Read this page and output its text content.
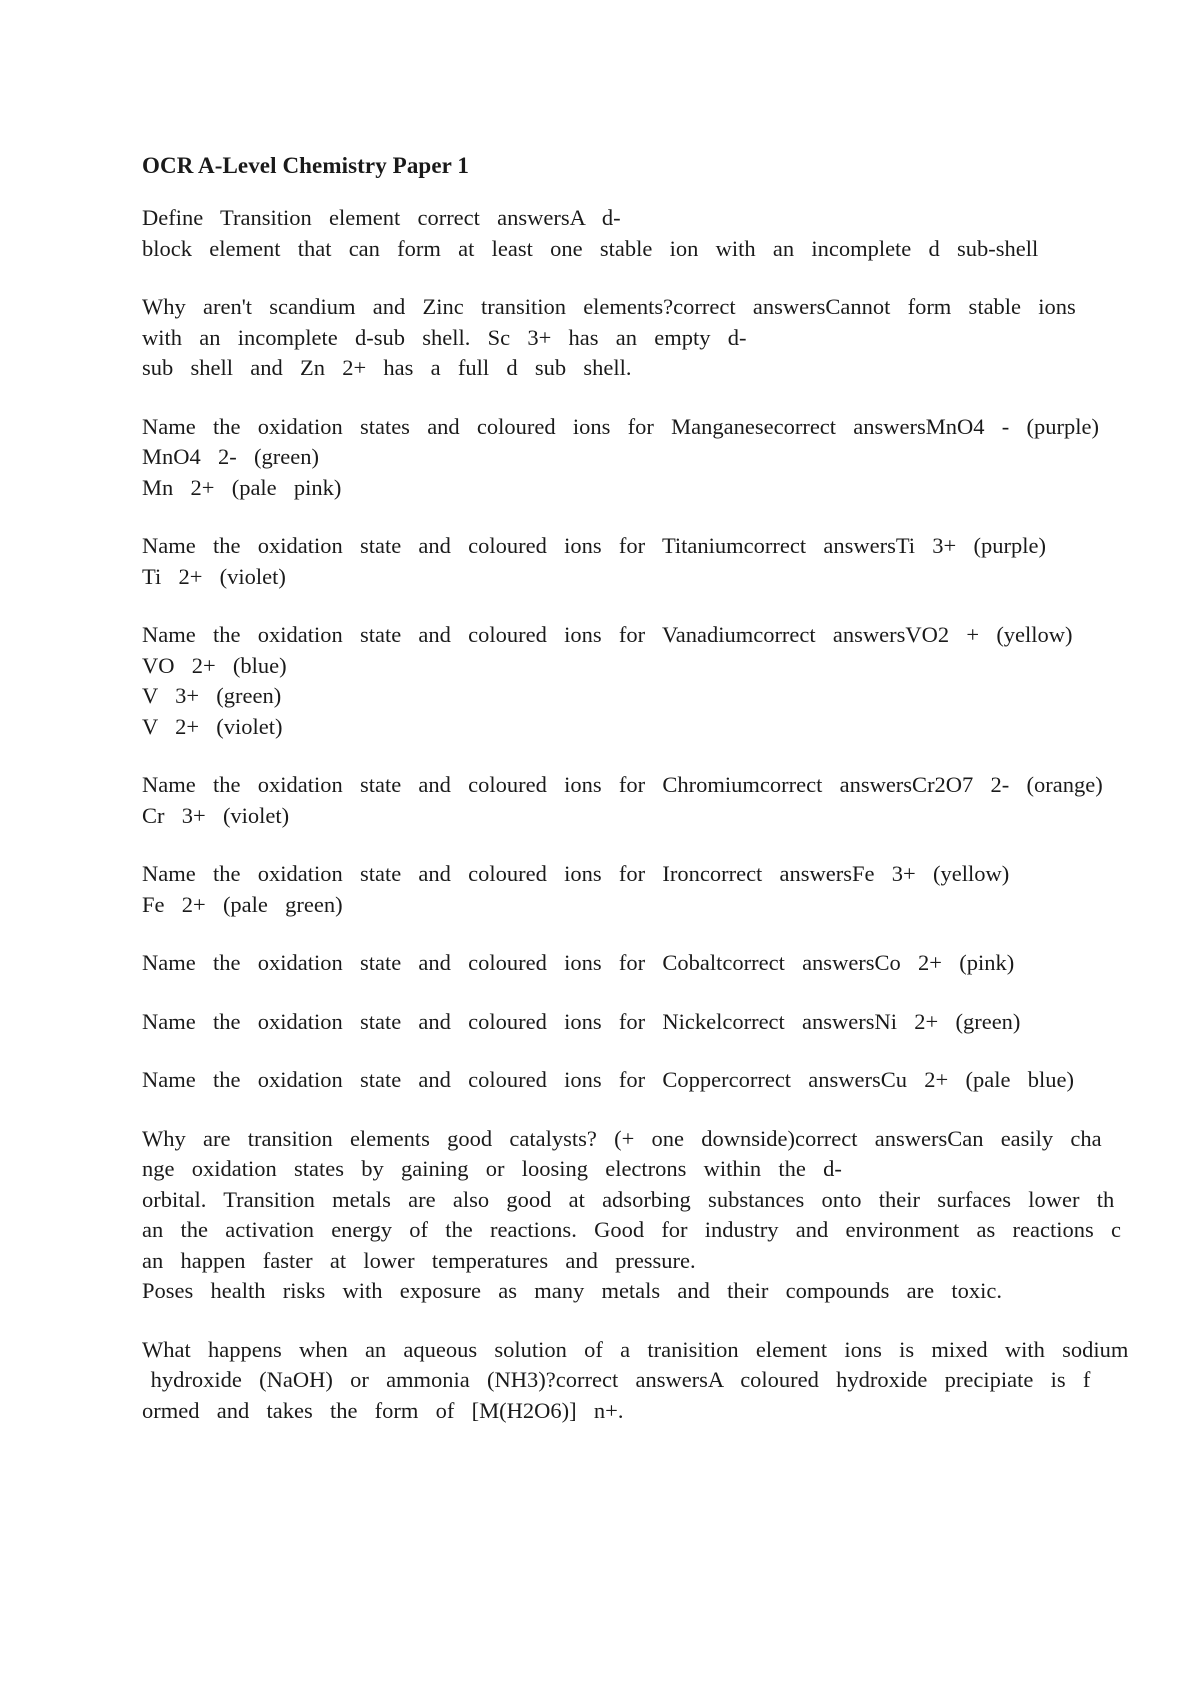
OCR A-Level Chemistry Paper 1
Define  Transition  element  correct  answersA  d-
block  element  that  can  form  at  least  one  stable  ion  with  an  incomplete  d  sub-shell
Why  aren't  scandium  and  Zinc  transition  elements?correct  answersCannot  form  stable  ions
with  an  incomplete  d-sub  shell.  Sc  3+  has  an  empty  d-
sub  shell  and  Zn  2+  has  a  full  d  sub  shell.
Name  the  oxidation  states  and  coloured  ions  for  Manganesecorrect  answersMnO4  -  (purple)
MnO4  2-  (green)
Mn  2+  (pale  pink)
Name  the  oxidation  state  and  coloured  ions  for  Titaniumcorrect  answersTi  3+  (purple)
Ti  2+  (violet)
Name  the  oxidation  state  and  coloured  ions  for  Vanadiumcorrect  answersVO2  +  (yellow)
VO  2+  (blue)
V  3+  (green)
V  2+  (violet)
Name  the  oxidation  state  and  coloured  ions  for  Chromiumcorrect  answersCr2O7  2-  (orange)
Cr  3+  (violet)
Name  the  oxidation  state  and  coloured  ions  for  Ironcorrect  answersFe  3+  (yellow)
Fe  2+  (pale  green)
Name  the  oxidation  state  and  coloured  ions  for  Cobaltcorrect  answersCo  2+  (pink)
Name  the  oxidation  state  and  coloured  ions  for  Nickelcorrect  answersNi  2+  (green)
Name  the  oxidation  state  and  coloured  ions  for  Coppercorrect  answersCu  2+  (pale  blue)
Why  are  transition  elements  good  catalysts?  (+  one  downside)correct  answersCan  easily  cha
nge  oxidation  states  by  gaining  or  loosing  electrons  within  the  d-
orbital.  Transition  metals  are  also  good  at  adsorbing  substances  onto  their  surfaces  lower  th
an  the  activation  energy  of  the  reactions.  Good  for  industry  and  environment  as  reactions  c
an  happen  faster  at  lower  temperatures  and  pressure.
Poses  health  risks  with  exposure  as  many  metals  and  their  compounds  are  toxic.
What  happens  when  an  aqueous  solution  of  a  tranisition  element  ions  is  mixed  with  sodium
hydroxide  (NaOH)  or  ammonia  (NH3)?correct  answersA  coloured  hydroxide  precipiate  is  f
ormed  and  takes  the  form  of  [M(H2O6)]  n+.
